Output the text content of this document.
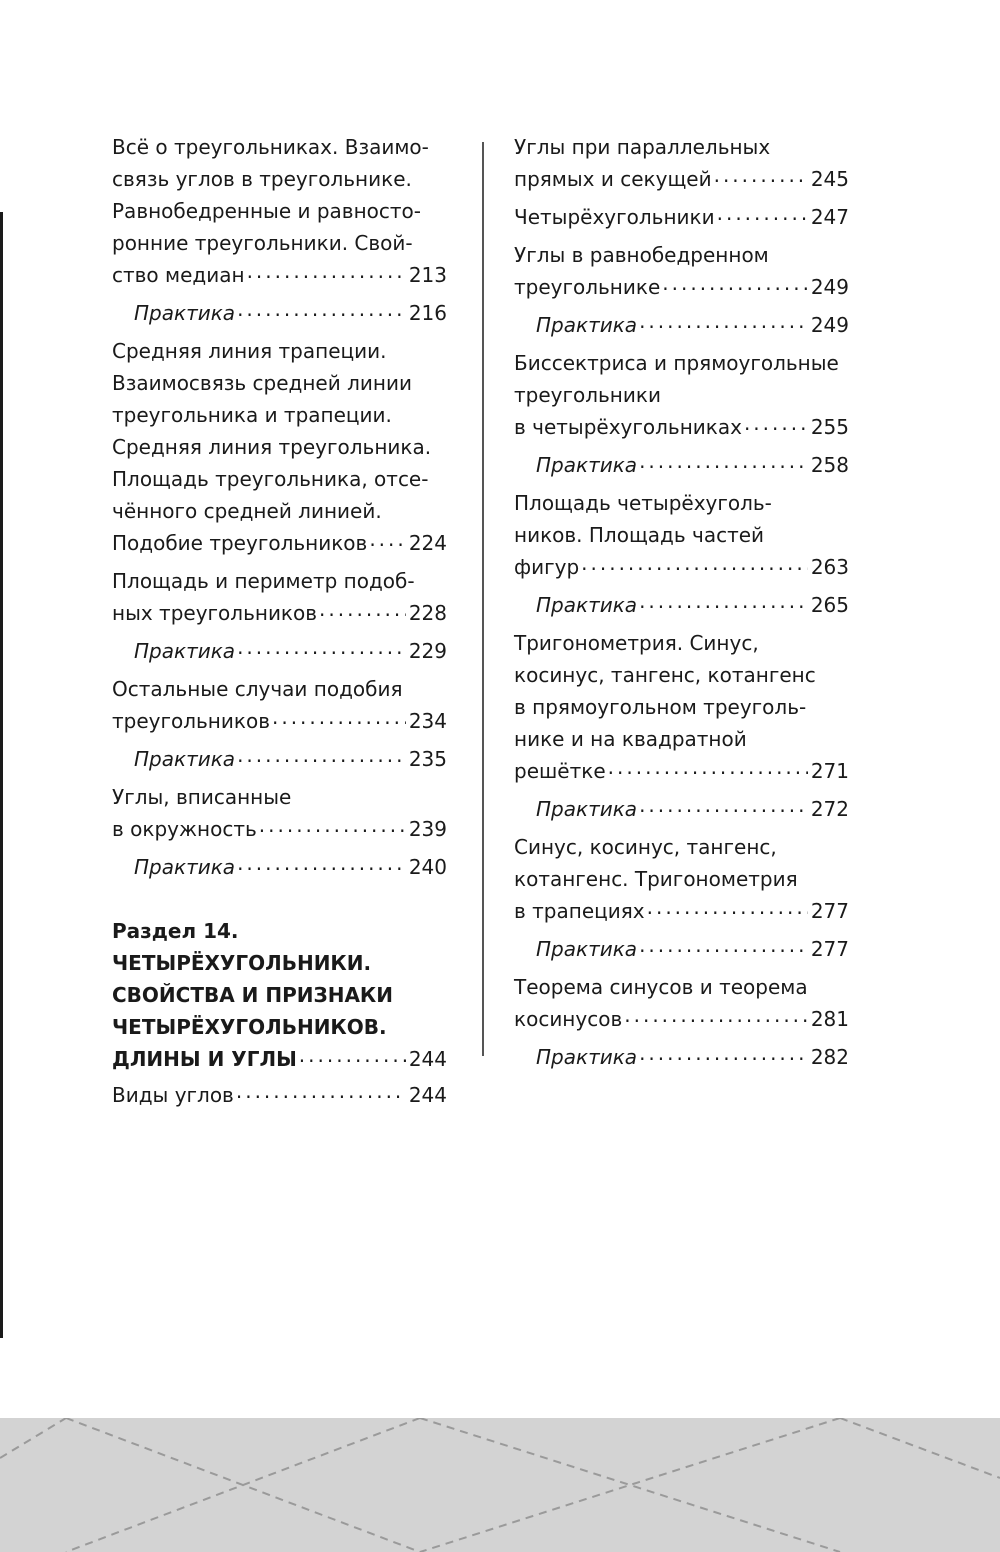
Всё о треугольниках. Взаимо-
связь углов в треугольнике.
Равнобедренные и равносто-
ронние треугольники. Свой-
ство медиан .....	213
Практика .....	216
Средняя линия трапеции.
Взаимосвязь средней линии
треугольника и трапеции.
Средняя линия треугольника.
Площадь треугольника, отсе-
чённого средней линией.
Подобие треугольников ..... 224
Площадь и периметр подоб-
ных треугольников .....	228
Практика .....	229
Остальные случаи подобия
треугольников .....	234
Практика .....	235
Углы, вписанные
в окружность .....	239
Практика .....	240
Раздел 14.
ЧЕТЫРЁХУГОЛЬНИКИ.
СВОЙСТВА И ПРИЗНАКИ
ЧЕТЫРЁХУГОЛЬНИКОВ.
ДЛИНЫ И УГЛЫ .....	244
Виды углов .....	244
Углы при параллельных
прямых и секущей .....	245
Четырёхугольники .....	247
Углы в равнобедренном
треугольнике .....	249
Практика .....	249
Биссектриса и прямоугольные
треугольники
в четырёхугольниках .....	255
Практика .....	258
Площадь четырёхуголь-
ников. Площадь частей
фигур .....	263
Практика .....	265
Тригонометрия. Синус,
косинус, тангенс, котангенс
в прямоугольном треуголь-
нике и на квадратной
решётке .....	271
Практика .....	272
Синус, косинус, тангенс,
котангенс. Тригонометрия
в трапециях .....	277
Практика .....	277
Теорема синусов и теорема
косинусов .....	281
Практика .....	282
